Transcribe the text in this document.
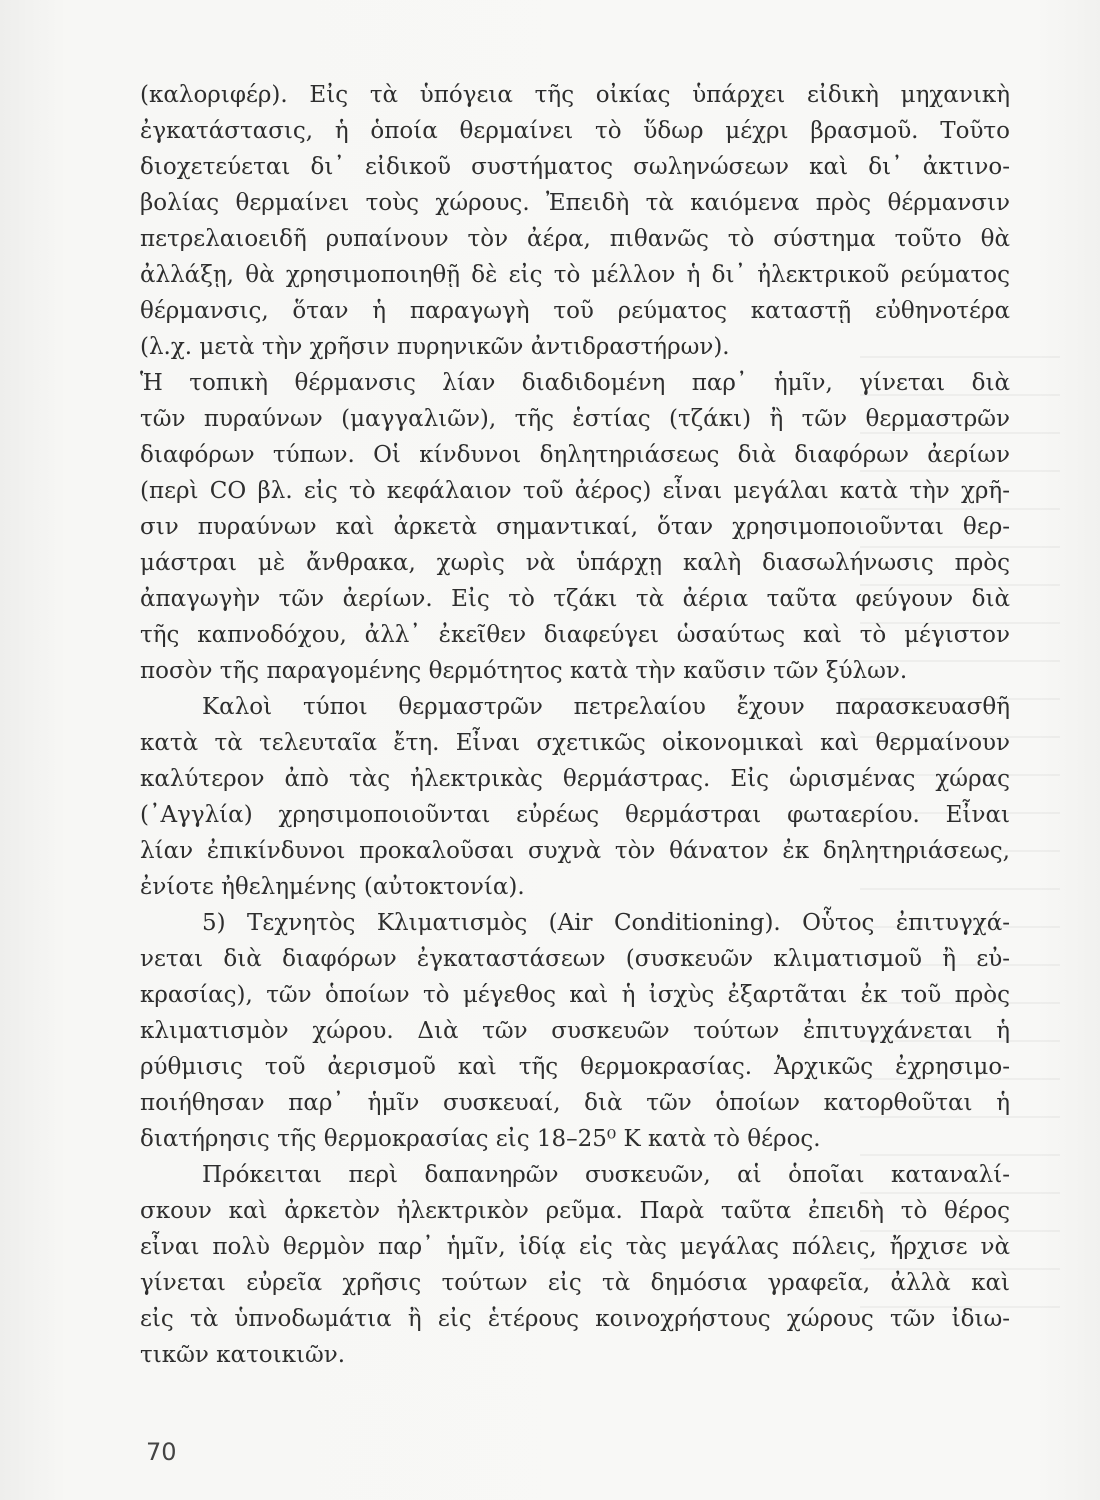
(καλοριφέρ). Εἰς τὰ ὑπόγεια τῆς οἰκίας ὑπάρχει εἰδικὴ μηχανικὴ
ἐγκατάστασις, ἡ ὁποία θερμαίνει τὸ ὕδωρ μέχρι βρασμοῦ. Τοῦτο
διοχετεύεται δι᾽ εἰδικοῦ συστήματος σωληνώσεων καὶ δι᾽ ἀκτινο-
βολίας θερμαίνει τοὺς χώρους. Ἐπειδὴ τὰ καιόμενα πρὸς θέρμανσιν
πετρελαιοειδῆ ρυπαίνουν τὸν ἀέρα, πιθανῶς τὸ σύστημα τοῦτο θὰ
ἀλλάξῃ, θὰ χρησιμοποιηθῇ δὲ εἰς τὸ μέλλον ἡ δι᾽ ἠλεκτρικοῦ ρεύματος
θέρμανσις, ὅταν ἡ παραγωγὴ τοῦ ρεύματος καταστῇ εὐθηνοτέρα
(λ.χ. μετὰ τὴν χρῆσιν πυρηνικῶν ἀντιδραστήρων).
Ἡ τοπικὴ θέρμανσις λίαν διαδιδομένη παρ᾽ ἡμῖν, γίνεται διὰ
τῶν πυραύνων (μαγγαλιῶν), τῆς ἑστίας (τζάκι) ἢ τῶν θερμαστρῶν
διαφόρων τύπων. Οἱ κίνδυνοι δηλητηριάσεως διὰ διαφόρων ἀερίων
(περὶ CO βλ. εἰς τὸ κεφάλαιον τοῦ ἀέρος) εἶναι μεγάλαι κατὰ τὴν χρῆ-
σιν πυραύνων καὶ ἀρκετὰ σημαντικαί, ὅταν χρησιμοποιοῦνται θερ-
μάστραι μὲ ἄνθρακα, χωρὶς νὰ ὑπάρχῃ καλὴ διασωλήνωσις πρὸς
ἀπαγωγὴν τῶν ἀερίων. Εἰς τὸ τζάκι τὰ ἀέρια ταῦτα φεύγουν διὰ
τῆς καπνοδόχου, ἀλλ᾽ ἐκεῖθεν διαφεύγει ὡσαύτως καὶ τὸ μέγιστον
ποσὸν τῆς παραγομένης θερμότητος κατὰ τὴν καῦσιν τῶν ξύλων.
Καλοὶ τύποι θερμαστρῶν πετρελαίου ἔχουν παρασκευασθῆ
κατὰ τὰ τελευταῖα ἔτη. Εἶναι σχετικῶς οἰκονομικαὶ καὶ θερμαίνουν
καλύτερον ἀπὸ τὰς ἠλεκτρικὰς θερμάστρας. Εἰς ὡρισμένας χώρας
(᾽Αγγλία) χρησιμοποιοῦνται εὐρέως θερμάστραι φωταερίου. Εἶναι
λίαν ἐπικίνδυνοι προκαλοῦσαι συχνὰ τὸν θάνατον ἐκ δηλητηριάσεως,
ἐνίοτε ἠθελημένης (αὐτοκτονία).
5) Τεχνητὸς Κλιματισμὸς (Air Conditioning). Οὗτος ἐπιτυγχά-
νεται διὰ διαφόρων ἐγκαταστάσεων (συσκευῶν κλιματισμοῦ ἢ εὐ-
κρασίας), τῶν ὁποίων τὸ μέγεθος καὶ ἡ ἰσχὺς ἐξαρτᾶται ἐκ τοῦ πρὸς
κλιματισμὸν χώρου. Διὰ τῶν συσκευῶν τούτων ἐπιτυγχάνεται ἡ
ρύθμισις τοῦ ἀερισμοῦ καὶ τῆς θερμοκρασίας. Ἀρχικῶς ἐχρησιμο-
ποιήθησαν παρ᾽ ἡμῖν συσκευαί, διὰ τῶν ὁποίων κατορθοῦται ἡ
διατήρησις τῆς θερμοκρασίας εἰς 18–25⁰ Κ κατὰ τὸ θέρος.
Πρόκειται περὶ δαπανηρῶν συσκευῶν, αἱ ὁποῖαι καταναλί-
σκουν καὶ ἀρκετὸν ἠλεκτρικὸν ρεῦμα. Παρὰ ταῦτα ἐπειδὴ τὸ θέρος
εἶναι πολὺ θερμὸν παρ᾽ ἡμῖν, ἰδίᾳ εἰς τὰς μεγάλας πόλεις, ἤρχισε νὰ
γίνεται εὐρεῖα χρῆσις τούτων εἰς τὰ δημόσια γραφεῖα, ἀλλὰ καὶ
εἰς τὰ ὑπνοδωμάτια ἢ εἰς ἑτέρους κοινοχρήστους χώρους τῶν ἰδιω-
τικῶν κατοικιῶν.
70
